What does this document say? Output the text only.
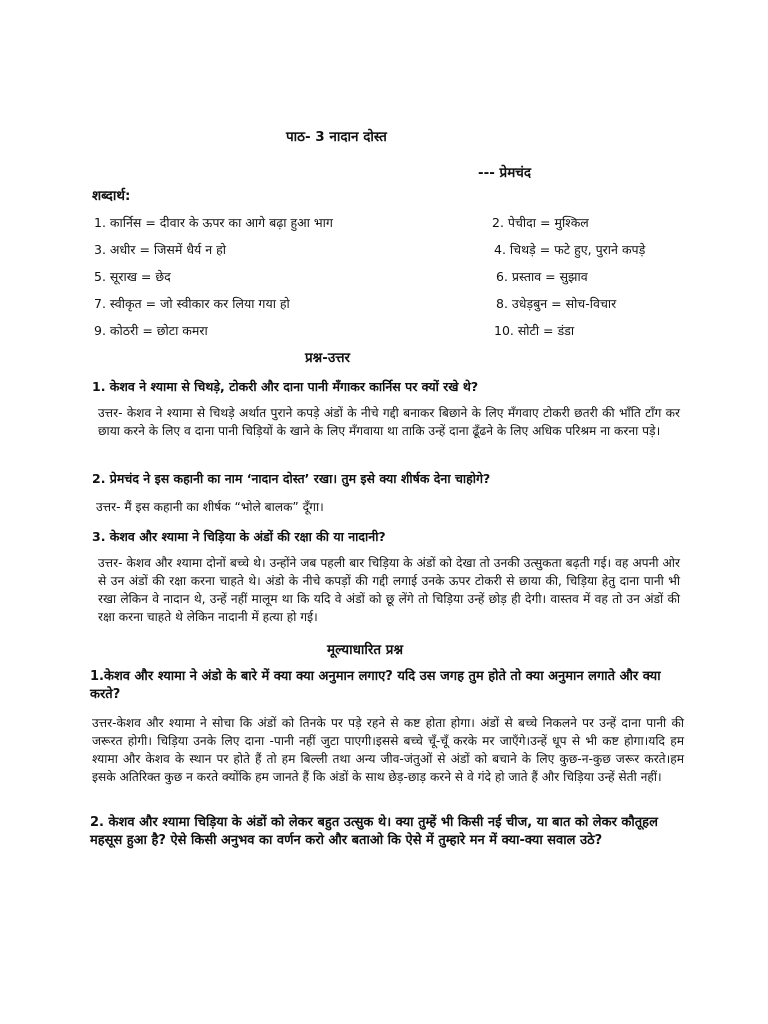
पाठ- 3 नादान दोस्त
--- प्रेमचंद
शब्दार्थ:
1. कार्निस = दीवार के ऊपर का आगे बढ़ा हुआ भाग	2. पेचीदा = मुश्किल
3. अधीर = जिसमें धैर्य न हो	4. चिथड़े = फटे हुए, पुराने कपड़े
5. सूराख = छेद	6. प्रस्ताव = सुझाव
7. स्वीकृत = जो स्वीकार कर लिया गया हो	8. उधेड़बुन = सोच-विचार
9. कोठरी = छोटा कमरा	10. सोटी = डंडा
प्रश्न-उत्तर
1. केशव ने श्यामा से चिथड़े, टोकरी और दाना पानी मँगाकर कार्निस पर क्यों रखे थे?
उत्तर- केशव ने श्यामा से चिथड़े अर्थात पुराने कपड़े अंडों के नीचे गद्दी बनाकर बिछाने के लिए मँगवाए टोकरी छतरी की भाँति टाँग कर छाया करने के लिए व दाना पानी चिड़ियों के खाने के लिए मँगवाया था ताकि उन्हें दाना ढूँढने के लिए अधिक परिश्रम ना करना पड़े।
2. प्रेमचंद ने इस कहानी का नाम ‘नादान दोस्त’ रखा। तुम इसे क्या शीर्षक देना चाहोगे?
उत्तर- मैं इस कहानी का शीर्षक “भोले बालक” दूँगा।
3. केशव और श्यामा ने चिड़िया के अंडों की रक्षा की या नादानी?
उत्तर- केशव और श्यामा दोनों बच्चे थे। उन्होंने जब पहली बार चिड़िया के अंडों को देखा तो उनकी उत्सुकता बढ़ती गई। वह अपनी ओर से उन अंडों की रक्षा करना चाहते थे। अंडो के नीचे कपड़ों की गद्दी लगाई उनके ऊपर टोकरी से छाया की, चिड़िया हेतु दाना पानी भी रखा लेकिन वे नादान थे, उन्हें नहीं मालूम था कि यदि वे अंडों को छू लेंगे तो चिड़िया उन्हें छोड़ ही देगी। वास्तव में वह तो उन अंडों की रक्षा करना चाहते थे लेकिन नादानी में हत्या हो गई।
मूल्याधारित प्रश्न
1.केशव और श्यामा ने अंडो के बारे में क्या क्या अनुमान लगाए? यदि उस जगह तुम होते तो क्या अनुमान लगाते और क्या करते?
उत्तर-केशव और श्यामा ने सोचा कि अंडों को तिनके पर पड़े रहने से कष्ट होता होगा। अंडों से बच्चे निकलने पर उन्हें दाना पानी की जरूरत होगी। चिड़िया उनके लिए दाना -पानी नहीं जुटा पाएगी।इससे बच्चे चूँ-चूँ करके मर जाएँगे।उन्हें धूप से भी कष्ट होगा।यदि हम श्यामा और केशव के स्थान पर होते हैं तो हम बिल्ली तथा अन्य जीव-जंतुओं से अंडों को बचाने के लिए कुछ-न-कुछ जरूर करते।हम इसके अतिरिक्त कुछ न करते क्योंकि हम जानते हैं कि अंडों के साथ छेड़-छाड़ करने से वे गंदे हो जाते हैं और चिड़िया उन्हें सेती नहीं।
2. केशव और श्यामा चिड़िया के अंडों को लेकर बहुत उत्सुक थे। क्या तुम्हें भी किसी नई चीज, या बात को लेकर कौतूहल महसूस हुआ है? ऐसे किसी अनुभव का वर्णन करो और बताओ कि ऐसे में तुम्हारे मन में क्या-क्या सवाल उठे?
